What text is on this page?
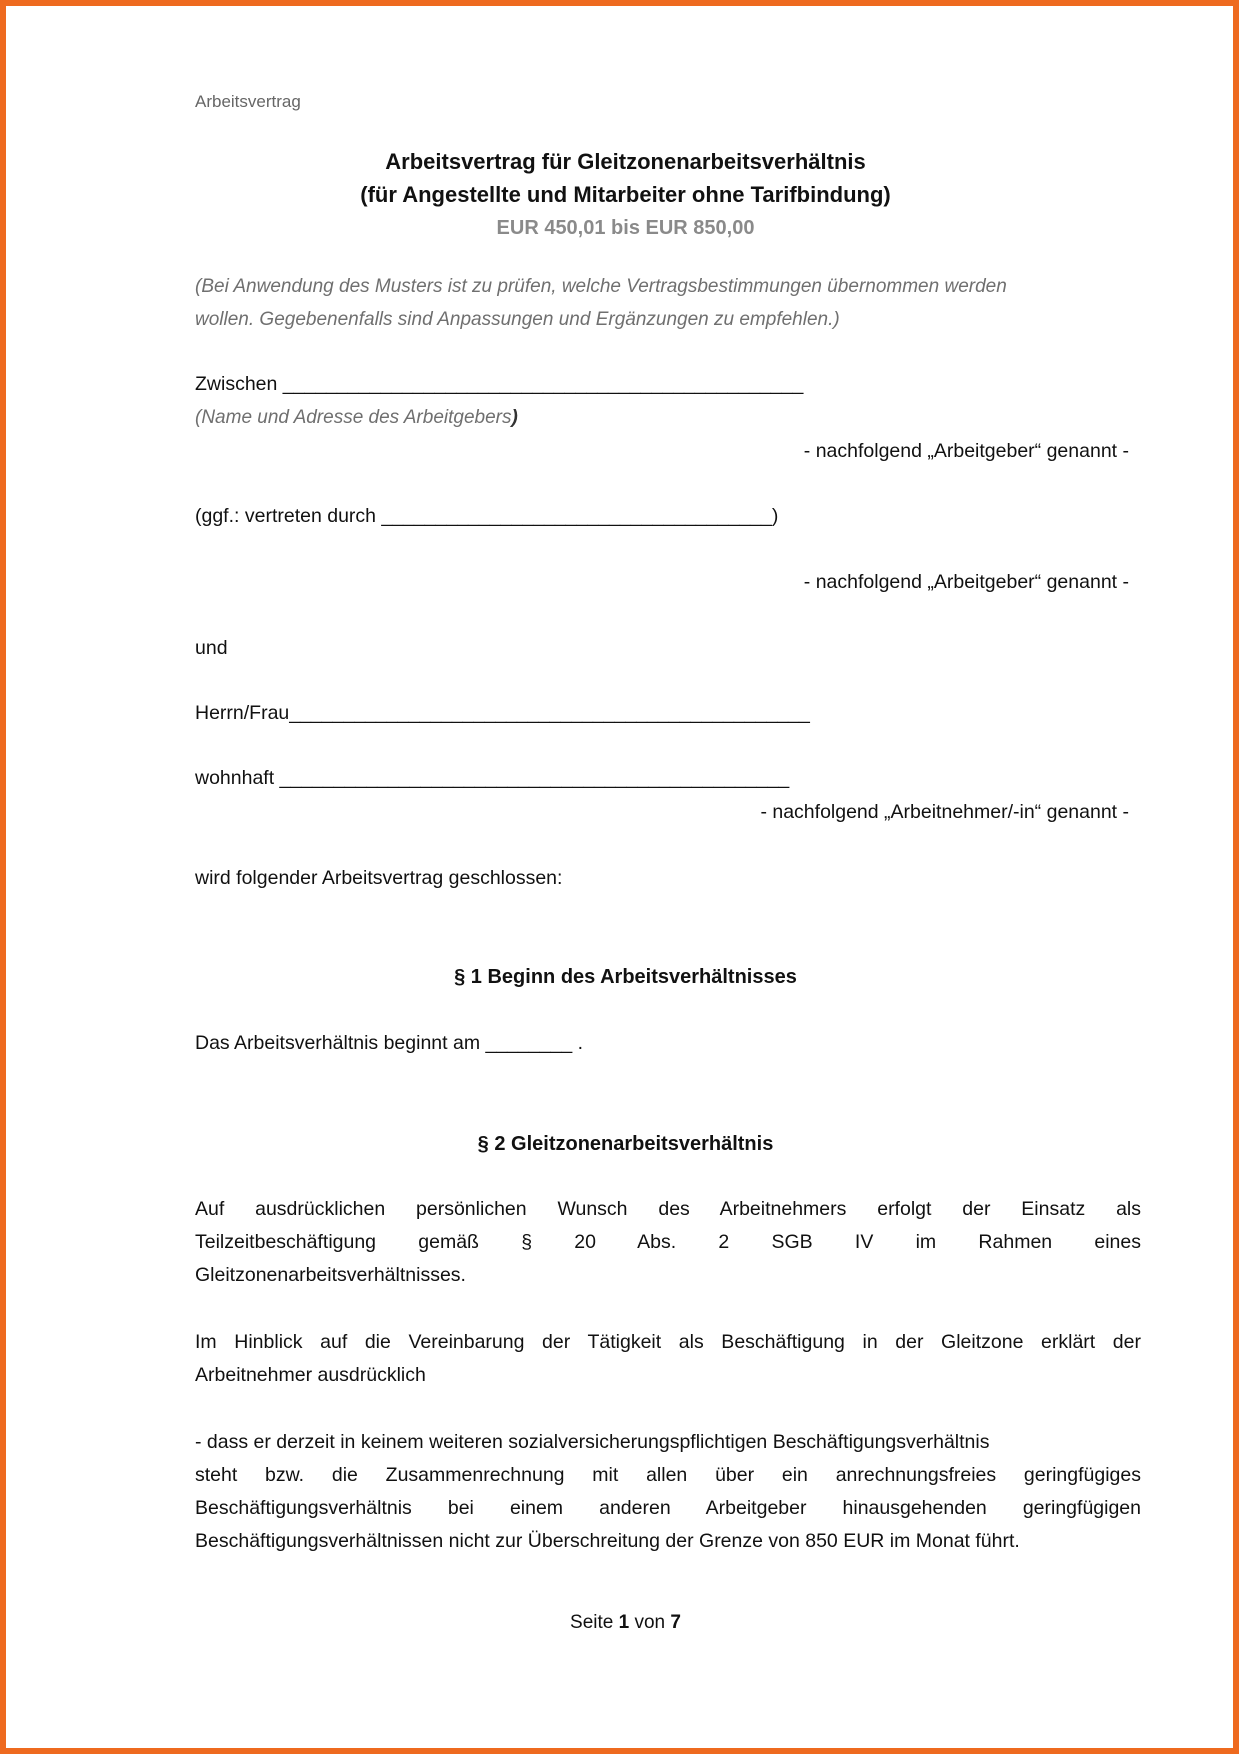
Arbeitsvertrag

Arbeitsvertrag für Gleitzonenarbeitsverhältnis

(für Angestellte und Mitarbeiter ohne Tarifbindung)

EUR 450,01 bis EUR 850,00

(Bei Anwendung des Musters ist zu prüfen, welche Vertragsbestimmungen übernommen werden

wollen. Gegebenenfalls sind Anpassungen und Ergänzungen zu empfehlen.)

Zwischen ________________________________________________

(Name und Adresse des Arbeitgebers)

- nachfolgend „Arbeitgeber“ genannt -

(ggf.: vertreten durch ____________________________________)

- nachfolgend „Arbeitgeber“ genannt -

und

Herrn/Frau________________________________________________

wohnhaft _______________________________________________

- nachfolgend „Arbeitnehmer/-in“ genannt -

wird folgender Arbeitsvertrag geschlossen:

§ 1 Beginn des Arbeitsverhältnisses

Das Arbeitsverhältnis beginnt am ________ .

§ 2 Gleitzonenarbeitsverhältnis

Auf ausdrücklichen persönlichen Wunsch des Arbeitnehmers erfolgt der Einsatz als

Teilzeitbeschäftigung gemäß § 20 Abs. 2 SGB IV im Rahmen eines

Gleitzonenarbeitsverhältnisses.

Im Hinblick auf die Vereinbarung der Tätigkeit als Beschäftigung in der Gleitzone erklärt der

Arbeitnehmer ausdrücklich

- dass er derzeit in keinem weiteren sozialversicherungspflichtigen Beschäftigungsverhältnis

steht bzw. die Zusammenrechnung mit allen über ein anrechnungsfreies geringfügiges

Beschäftigungsverhältnis bei einem anderen Arbeitgeber hinausgehenden geringfügigen

Beschäftigungsverhältnissen nicht zur Überschreitung der Grenze von 850 EUR im Monat führt.

Seite 1 von 7
